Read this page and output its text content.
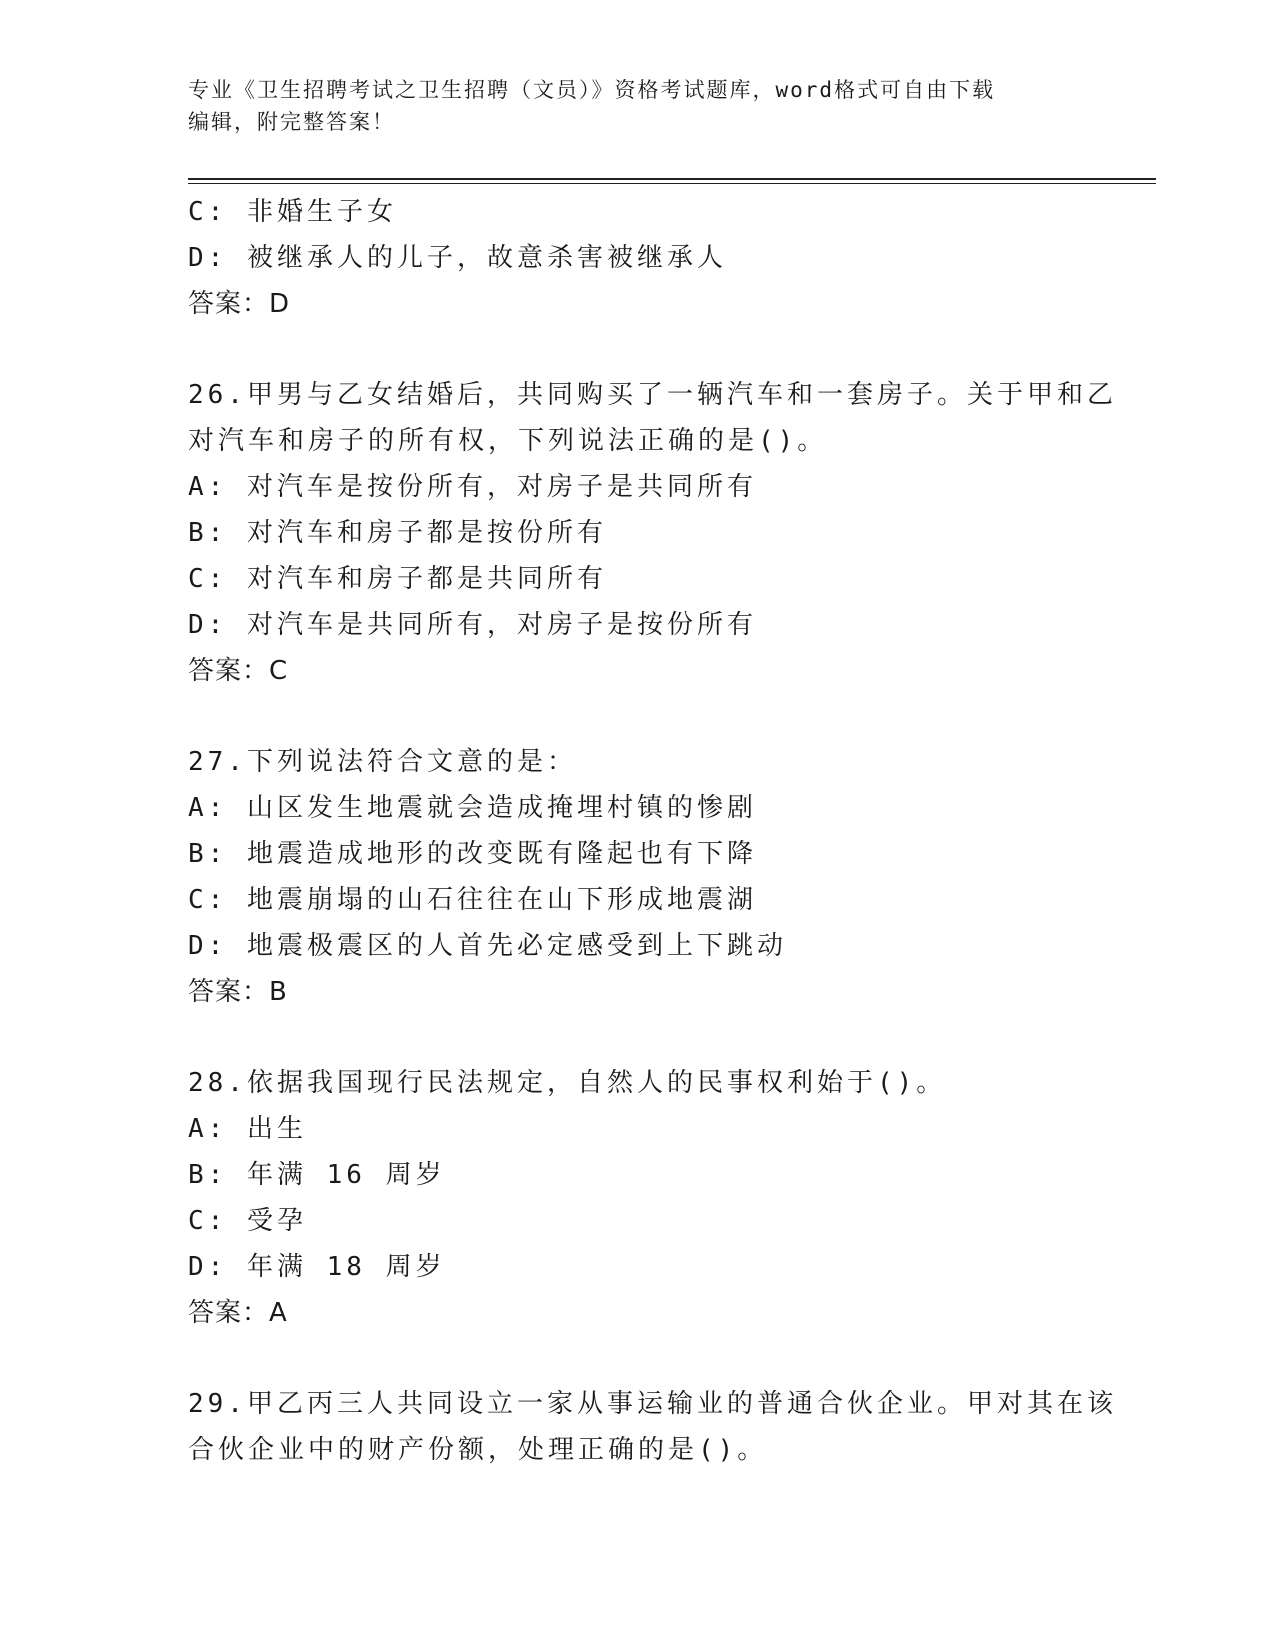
专业《卫生招聘考试之卫生招聘（文员）》资格考试题库，word格式可自由下载
编辑，附完整答案！
C: 非婚生子女
D: 被继承人的儿子，故意杀害被继承人
答案：D
26.甲男与乙女结婚后，共同购买了一辆汽车和一套房子。关于甲和乙
对汽车和房子的所有权，下列说法正确的是()。
A: 对汽车是按份所有，对房子是共同所有
B: 对汽车和房子都是按份所有
C: 对汽车和房子都是共同所有
D: 对汽车是共同所有，对房子是按份所有
答案：C
27.下列说法符合文意的是：
A: 山区发生地震就会造成掩埋村镇的惨剧
B: 地震造成地形的改变既有隆起也有下降
C: 地震崩塌的山石往往在山下形成地震湖
D: 地震极震区的人首先必定感受到上下跳动
答案：B
28.依据我国现行民法规定，自然人的民事权利始于()。
A: 出生
B: 年满 16 周岁
C: 受孕
D: 年满 18 周岁
答案：A
29.甲乙丙三人共同设立一家从事运输业的普通合伙企业。甲对其在该
合伙企业中的财产份额，处理正确的是()。
